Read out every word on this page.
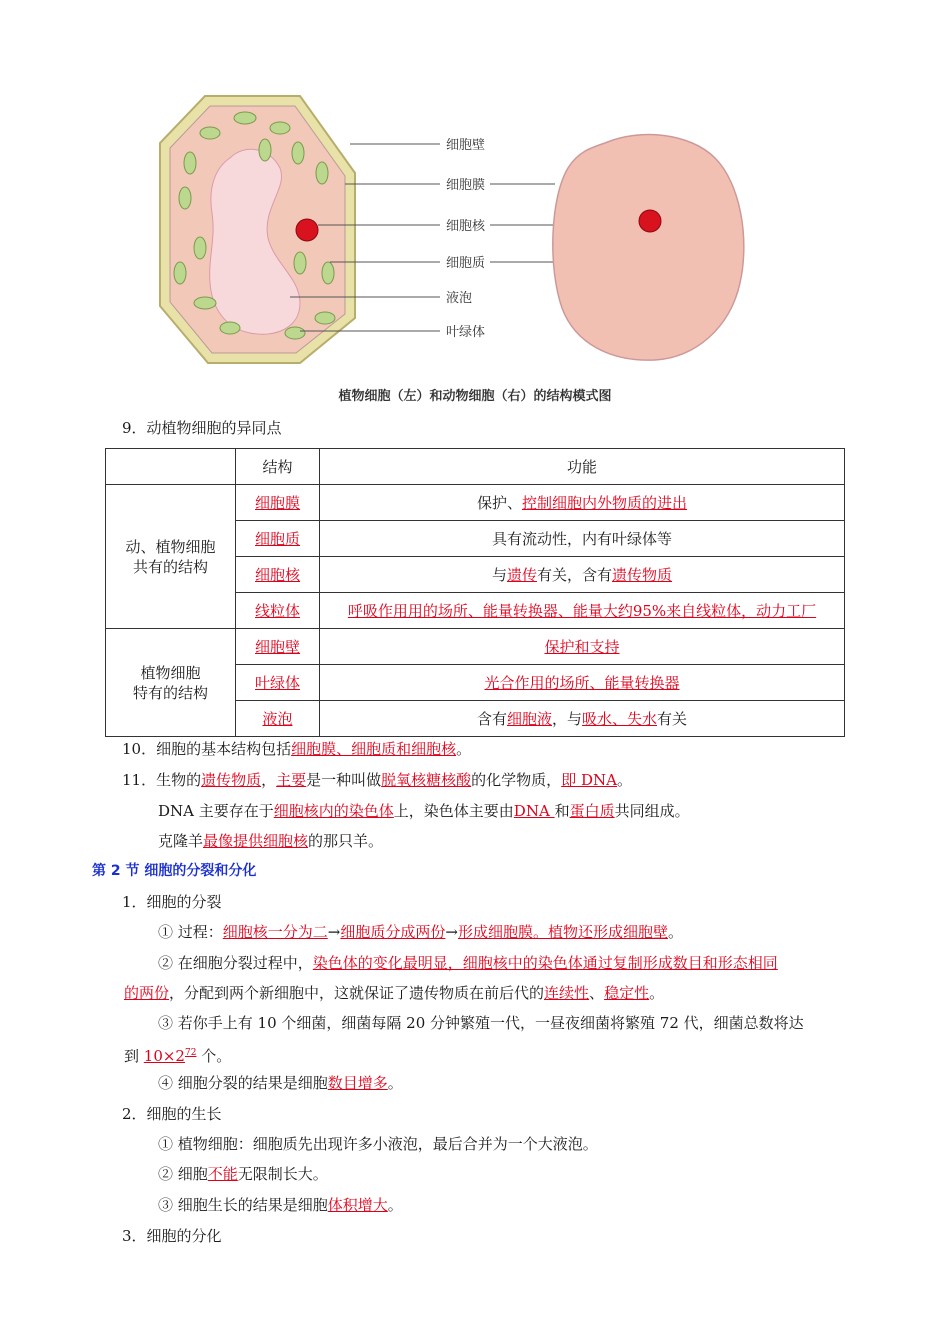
细胞壁
细胞膜
细胞核
细胞质
液泡
叶绿体
植物细胞（左）和动物细胞（右）的结构模式图
9．动植物细胞的异同点
	结构	功能
动、植物细胞
共有的结构	细胞膜	保护、控制细胞内外物质的进出
	细胞质	具有流动性，内有叶绿体等
	细胞核	与遗传有关，含有遗传物质
	线粒体	呼吸作用用的场所、能量转换器、能量大约95%来自线粒体，动力工厂
植物细胞
特有的结构	细胞壁	保护和支持
	叶绿体	光合作用的场所、能量转换器
	液泡	含有细胞液，与吸水、失水有关
10．细胞的基本结构包括细胞膜、细胞质和细胞核。
11．生物的遗传物质，主要是一种叫做脱氧核糖核酸的化学物质，即 DNA。
DNA 主要存在于细胞核内的染色体上，染色体主要由DNA 和蛋白质共同组成。
克隆羊最像提供细胞核的那只羊。
第 2 节 细胞的分裂和分化
1．细胞的分裂
① 过程：细胞核一分为二→细胞质分成两份→形成细胞膜。植物还形成细胞壁。
② 在细胞分裂过程中，染色体的变化最明显，细胞核中的染色体通过复制形成数目和形态相同
的两份，分配到两个新细胞中，这就保证了遗传物质在前后代的连续性、稳定性。
③ 若你手上有 10 个细菌，细菌每隔 20 分钟繁殖一代，一昼夜细菌将繁殖 72 代，细菌总数将达
到 $10\times 2^{72}$ 个。
④ 细胞分裂的结果是细胞数目增多。
2．细胞的生长
① 植物细胞：细胞质先出现许多小液泡，最后合并为一个大液泡。
② 细胞不能无限制长大。
③ 细胞生长的结果是细胞体积增大。
3．细胞的分化
